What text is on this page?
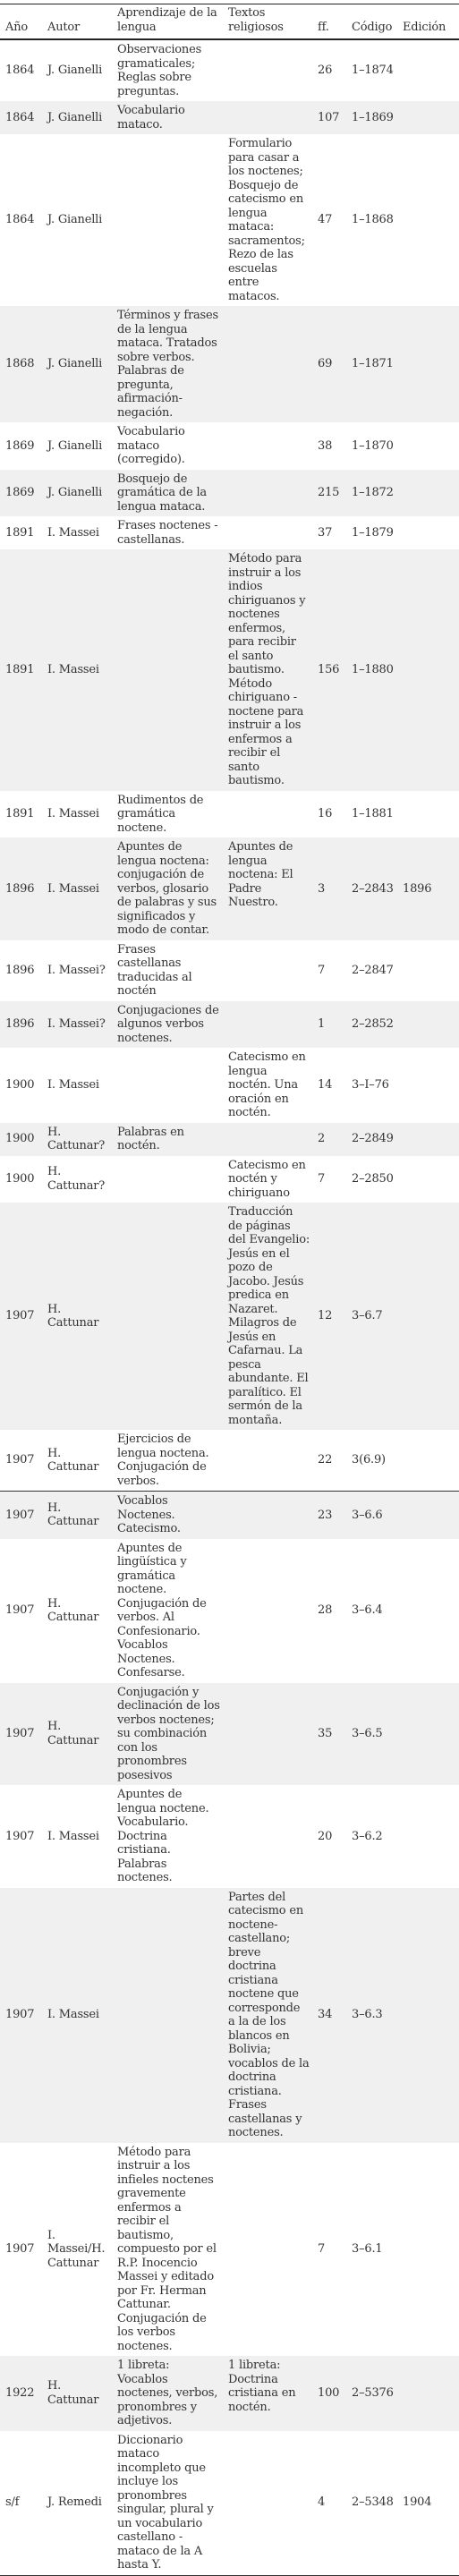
Año	Autor	Aprendizaje de la lengua	Textos religiosos	ff.	Código	Edición
1864	J. Gianelli	Observaciones gramaticales; Reglas sobre preguntas.		26	1–1874	
1864	J. Gianelli	Vocabulario mataco.		107	1–1869	
1864	J. Gianelli		Formulario para casar a los noctenes; Bosquejo de catecismo en lengua mataca: sacramentos; Rezo de las escuelas entre matacos.	47	1–1868	
1868	J. Gianelli	Términos y frases de la lengua mataca. Tratados sobre verbos. Palabras de pregunta, afirmación-negación.		69	1–1871	
1869	J. Gianelli	Vocabulario mataco (corregido).		38	1–1870	
1869	J. Gianelli	Bosquejo de gramática de la lengua mataca.		215	1–1872	
1891	I. Massei	Frases noctenes - castellanas.		37	1–1879	
1891	I. Massei		Método para instruir a los indios chiriguanos y noctenes enfermos, para recibir el santo bautismo. Método chiriguano - noctene para instruir a los enfermos a recibir el santo bautismo.	156	1–1880	
1891	I. Massei	Rudimentos de gramática noctene.		16	1–1881	
1896	I. Massei	Apuntes de lengua noctena: conjugación de verbos, glosario de palabras y sus significados y modo de contar.	Apuntes de lengua noctena: El Padre Nuestro.	3	2–2843	1896
1896	I. Massei?	Frases castellanas traducidas al noctén		7	2–2847	
1896	I. Massei?	Conjugaciones de algunos verbos noctenes.		1	2–2852	
1900	I. Massei		Catecismo en lengua noctén. Una oración en noctén.	14	3–I–76	
1900	H. Cattunar?	Palabras en noctén.		2	2–2849	
1900	H. Cattunar?		Catecismo en noctén y chiriguano	7	2–2850	
1907	H. Cattunar		Traducción de páginas del Evangelio: Jesús en el pozo de Jacobo. Jesús predica en Nazaret. Milagros de Jesús en Cafarnau. La pesca abundante. El paralítico. El sermón de la montaña.	12	3–6.7	
1907	H. Cattunar	Ejercicios de lengua noctena. Conjugación de verbos.		22	3(6.9)	
1907	H. Cattunar	Vocablos Noctenes. Catecismo.		23	3–6.6	
1907	H. Cattunar	Apuntes de lingüística y gramática noctene. Conjugación de verbos. Al Confesionario. Vocablos Noctenes. Confesarse.		28	3–6.4	
1907	H. Cattunar	Conjugación y declinación de los verbos noctenes; su combinación con los pronombres posesivos		35	3–6.5	
1907	I. Massei	Apuntes de lengua noctene. Vocabulario. Doctrina cristiana. Palabras noctenes.		20	3–6.2	
1907	I. Massei		Partes del catecismo en noctene-castellano; breve doctrina cristiana noctene que corresponde a la de los blancos en Bolivia; vocablos de la doctrina cristiana. Frases castellanas y noctenes.	34	3–6.3	
1907	I. Massei/H. Cattunar	Método para instruir a los infieles noctenes gravemente enfermos a recibir el bautismo, compuesto por el R.P. Inocencio Massei y editado por Fr. Herman Cattunar. Conjugación de los verbos noctenes.		7	3–6.1	
1922	H. Cattunar	1 libreta: Vocablos noctenes, verbos, pronombres y adjetivos.	1 libreta: Doctrina cristiana en noctén.	100	2–5376	
s/f	J. Remedi	Diccionario mataco incompleto que incluye los pronombres singular, plural y un vocabulario castellano - mataco de la A hasta Y.		4	2–5348	1904
